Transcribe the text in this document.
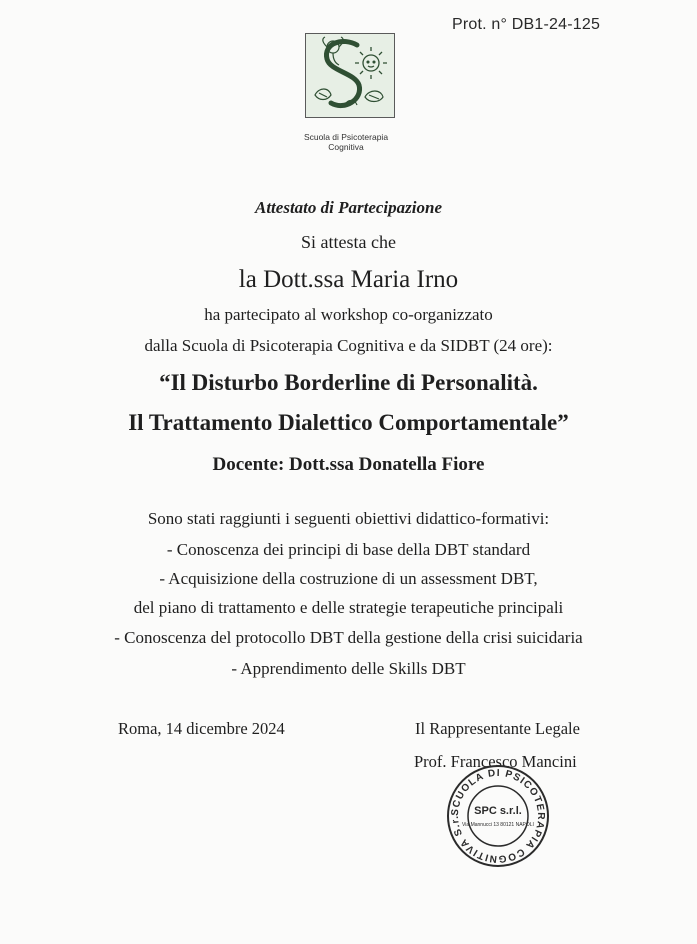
Prot. n° DB1-24-125
Scuola di Psicoterapia
Cognitiva
Attestato di Partecipazione
Si attesta che
la Dott.ssa Maria Irno
ha partecipato al workshop co-organizzato
dalla Scuola di Psicoterapia Cognitiva e da SIDBT (24 ore):
“Il Disturbo Borderline di Personalità.
Il Trattamento Dialettico Comportamentale”
Docente: Dott.ssa Donatella Fiore
Sono stati raggiunti i seguenti obiettivi didattico-formativi:
- Conoscenza dei principi di base della DBT standard
- Acquisizione della costruzione di un assessment DBT,
del piano di trattamento e delle strategie terapeutiche principali
- Conoscenza del protocollo DBT della gestione della crisi suicidaria
- Apprendimento delle Skills DBT
Roma, 14 dicembre 2024	Il Rappresentante Legale
Prof. Francesco Mancini
SCUOLA DI PSICOTERAPIA COGNITIVA S.r.	SPC s.r.l.
Via Mannucci 13 80121 NAPOLI
